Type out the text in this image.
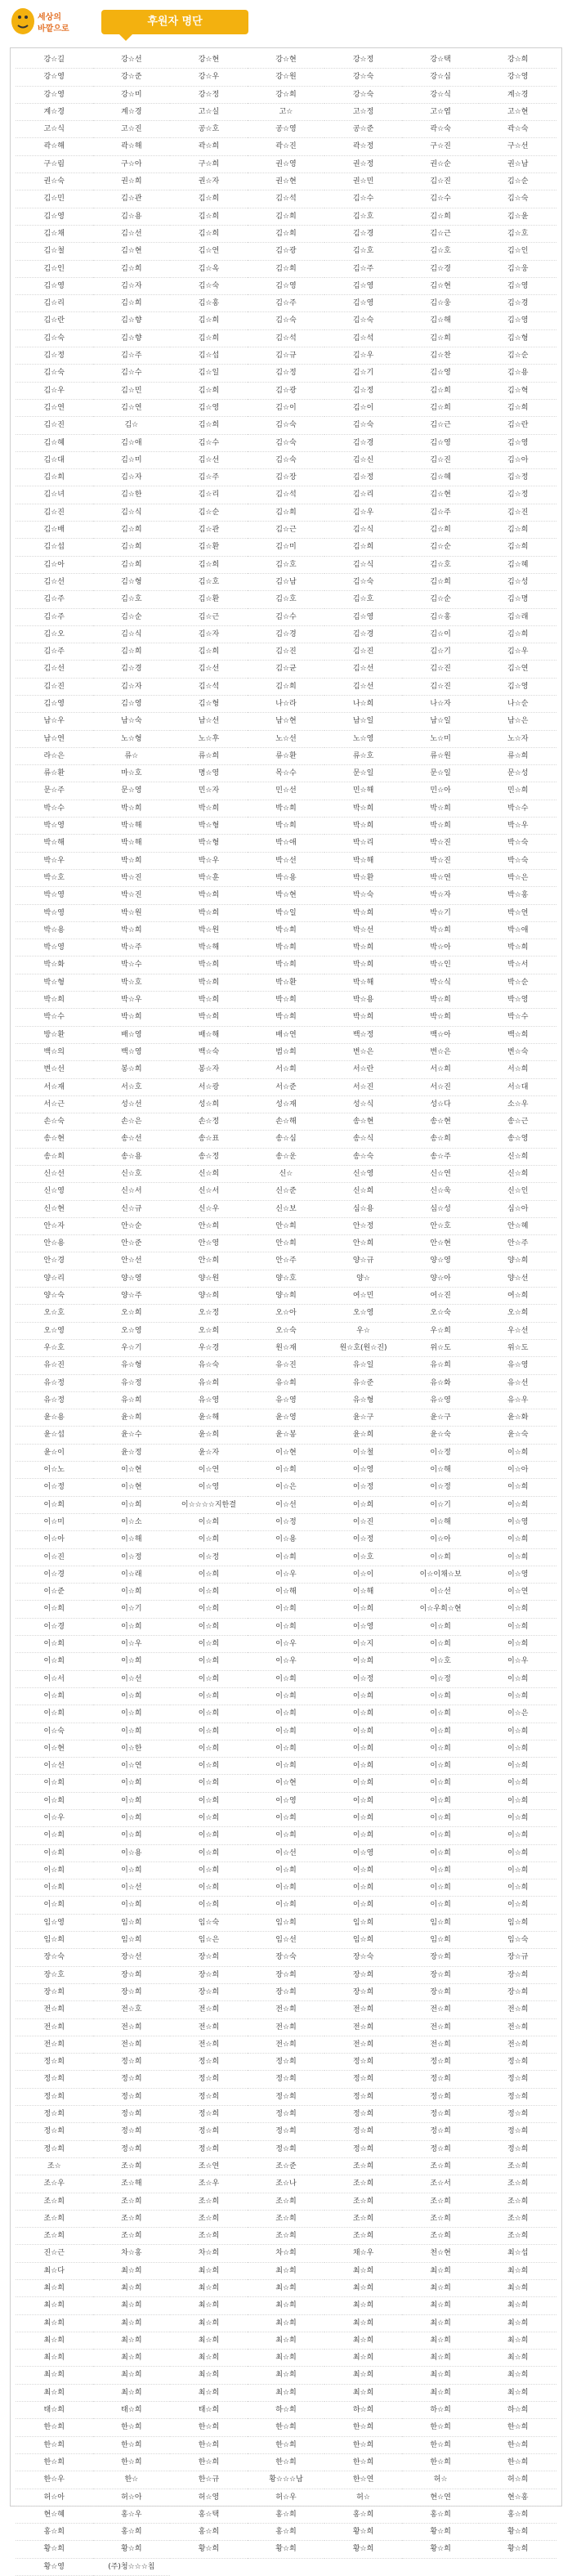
세상의
바깥으로
후원자 명단
강☆길	강☆선	강☆현	강☆현	강☆정	강☆택	강☆희
강☆영	강☆준	강☆우	강☆원	강☆숙	강☆심	강☆영
강☆영	강☆미	강☆정	강☆희	강☆숙	강☆식	계☆경
계☆경	계☆경	고☆실	고☆	고☆정	고☆엽	고☆현
고☆식	고☆진	공☆호	공☆영	공☆준	곽☆숙	곽☆숙
곽☆해	곽☆해	곽☆희	곽☆진	곽☆정	구☆진	구☆선
구☆림	구☆아	구☆희	권☆영	권☆정	권☆순	권☆남
권☆숙	권☆희	권☆자	권☆현	권☆민	김☆진	김☆순
김☆민	김☆관	김☆희	김☆석	김☆수	김☆수	김☆숙
김☆영	김☆용	김☆희	김☆희	김☆호	김☆희	김☆윤
김☆채	김☆선	김☆희	김☆희	김☆경	김☆근	김☆호
김☆철	김☆현	김☆연	김☆광	김☆호	김☆호	김☆인
김☆인	김☆희	김☆옥	김☆희	김☆주	김☆경	김☆웅
김☆영	김☆자	김☆숙	김☆영	김☆영	김☆현	김☆영
김☆리	김☆희	김☆홍	김☆주	김☆영	김☆웅	김☆경
김☆란	김☆향	김☆희	김☆숙	김☆숙	김☆해	김☆영
김☆숙	김☆향	김☆희	김☆석	김☆석	김☆희	김☆형
김☆정	김☆주	김☆섭	김☆규	김☆우	김☆찬	김☆순
김☆숙	김☆수	김☆일	김☆정	김☆기	김☆영	김☆용
김☆우	김☆민	김☆희	김☆광	김☆정	김☆희	김☆혁
김☆연	김☆연	김☆영	김☆이	김☆이	김☆희	김☆희
김☆진	김☆	김☆희	김☆숙	김☆숙	김☆근	김☆란
김☆혜	김☆애	김☆수	김☆숙	김☆경	김☆영	김☆영
김☆대	김☆미	김☆선	김☆숙	김☆신	김☆진	김☆아
김☆희	김☆자	김☆주	김☆장	김☆정	김☆혜	김☆정
김☆녀	김☆한	김☆리	김☆석	김☆리	김☆현	김☆정
김☆진	김☆식	김☆순	김☆희	김☆우	김☆주	김☆진
김☆배	김☆희	김☆관	김☆근	김☆식	김☆희	김☆희
김☆섭	김☆희	김☆환	김☆미	김☆희	김☆순	김☆희
김☆아	김☆희	김☆희	김☆호	김☆식	김☆호	김☆혜
김☆선	김☆형	김☆호	김☆남	김☆숙	김☆희	김☆성
김☆주	김☆호	김☆환	김☆호	김☆호	김☆순	김☆명
김☆주	김☆순	김☆근	김☆수	김☆영	김☆홍	김☆래
김☆오	김☆식	김☆자	김☆경	김☆경	김☆이	김☆희
김☆주	김☆희	김☆희	김☆진	김☆진	김☆기	김☆우
김☆선	김☆경	김☆선	김☆균	김☆선	김☆진	김☆연
김☆진	김☆자	김☆석	김☆희	김☆선	김☆진	김☆영
김☆영	김☆영	김☆형	나☆라	나☆희	나☆자	나☆순
남☆우	남☆숙	남☆선	남☆현	남☆일	남☆일	남☆은
남☆연	노☆형	노☆후	노☆선	노☆영	노☆미	노☆자
라☆은	류☆	류☆희	류☆환	류☆호	류☆원	류☆희
류☆환	마☆호	명☆영	목☆수	문☆일	문☆일	문☆성
문☆주	문☆영	민☆자	민☆선	민☆해	민☆아	민☆희
박☆수	박☆희	박☆희	박☆희	박☆희	박☆희	박☆수
박☆영	박☆해	박☆형	박☆희	박☆희	박☆희	박☆우
박☆해	박☆해	박☆형	박☆애	박☆리	박☆진	박☆숙
박☆우	박☆희	박☆우	박☆선	박☆해	박☆진	박☆숙
박☆호	박☆진	박☆훈	박☆용	박☆환	박☆연	박☆은
박☆영	박☆진	박☆희	박☆현	박☆숙	박☆자	박☆홍
박☆영	박☆원	박☆희	박☆일	박☆희	박☆기	박☆연
박☆용	박☆희	박☆원	박☆희	박☆선	박☆희	박☆애
박☆영	박☆주	박☆해	박☆희	박☆희	박☆아	박☆희
박☆화	박☆수	박☆희	박☆희	박☆희	박☆인	박☆서
박☆형	박☆호	박☆희	박☆환	박☆해	박☆식	박☆순
박☆희	박☆우	박☆희	박☆희	박☆용	박☆희	박☆영
박☆수	박☆희	박☆희	박☆희	박☆희	박☆희	박☆수
방☆환	배☆영	배☆해	배☆연	백☆정	백☆아	백☆희
백☆의	백☆영	백☆숙	범☆희	변☆은	변☆은	변☆숙
변☆선	봉☆희	봉☆자	서☆희	서☆란	서☆희	서☆희
서☆재	서☆호	서☆광	서☆준	서☆진	서☆진	서☆대
서☆근	성☆선	성☆희	성☆재	성☆식	성☆다	소☆우
손☆숙	손☆은	손☆정	손☆해	송☆현	송☆현	송☆근
송☆현	송☆선	송☆표	송☆심	송☆식	송☆희	송☆영
송☆희	송☆용	송☆정	송☆운	송☆숙	송☆주	신☆희
신☆선	신☆호	신☆희	신☆	신☆영	신☆연	신☆희
신☆영	신☆서	신☆서	신☆준	신☆희	신☆욱	신☆인
신☆현	신☆규	신☆우	신☆보	심☆용	심☆성	심☆아
안☆자	안☆순	안☆희	안☆희	안☆정	안☆호	안☆혜
안☆용	안☆준	안☆영	안☆희	안☆희	안☆현	안☆주
안☆경	안☆선	안☆희	안☆주	양☆규	양☆영	양☆희
양☆리	양☆영	양☆원	양☆호	양☆	양☆아	양☆선
양☆숙	양☆주	양☆희	양☆희	여☆민	여☆진	여☆희
오☆호	오☆희	오☆정	오☆아	오☆영	오☆숙	오☆희
오☆영	오☆영	오☆희	오☆숙	우☆	우☆희	우☆선
우☆호	우☆기	우☆경	원☆재	원☆호(원☆진)	위☆도	위☆도
유☆진	유☆형	유☆숙	유☆진	유☆일	유☆희	유☆영
유☆정	유☆정	유☆희	유☆희	유☆준	유☆화	유☆선
유☆정	유☆희	유☆영	유☆영	유☆형	유☆영	유☆우
윤☆용	윤☆희	윤☆해	윤☆영	윤☆구	윤☆구	윤☆화
윤☆섭	윤☆수	윤☆희	윤☆봉	윤☆희	윤☆숙	윤☆숙
윤☆이	윤☆정	윤☆자	이☆현	이☆철	이☆정	이☆희
이☆노	이☆현	이☆연	이☆희	이☆영	이☆해	이☆아
이☆정	이☆현	이☆영	이☆은	이☆정	이☆정	이☆희
이☆희	이☆희	이☆☆☆☆지한결	이☆선	이☆희	이☆기	이☆희
이☆미	이☆소	이☆희	이☆정	이☆진	이☆해	이☆영
이☆아	이☆해	이☆희	이☆용	이☆정	이☆아	이☆희
이☆진	이☆정	이☆정	이☆희	이☆호	이☆희	이☆희
이☆경	이☆래	이☆희	이☆우	이☆이	이☆이채☆보	이☆영
이☆준	이☆희	이☆희	이☆해	이☆해	이☆선	이☆연
이☆희	이☆기	이☆희	이☆희	이☆희	이☆우희☆현	이☆희
이☆경	이☆희	이☆희	이☆희	이☆영	이☆희	이☆희
이☆희	이☆우	이☆희	이☆우	이☆지	이☆희	이☆희
이☆희	이☆희	이☆희	이☆우	이☆희	이☆호	이☆우
이☆서	이☆선	이☆희	이☆희	이☆정	이☆정	이☆희
이☆희	이☆희	이☆희	이☆희	이☆희	이☆희	이☆희
이☆희	이☆희	이☆희	이☆희	이☆희	이☆희	이☆은
이☆숙	이☆희	이☆희	이☆희	이☆희	이☆희	이☆희
이☆현	이☆한	이☆희	이☆희	이☆희	이☆희	이☆희
이☆선	이☆연	이☆희	이☆희	이☆희	이☆희	이☆희
이☆희	이☆희	이☆희	이☆현	이☆희	이☆희	이☆희
이☆희	이☆희	이☆희	이☆영	이☆희	이☆희	이☆희
이☆우	이☆희	이☆희	이☆희	이☆희	이☆희	이☆희
이☆희	이☆희	이☆희	이☆희	이☆희	이☆희	이☆희
이☆희	이☆용	이☆희	이☆선	이☆영	이☆희	이☆희
이☆희	이☆희	이☆희	이☆희	이☆희	이☆희	이☆희
이☆희	이☆선	이☆희	이☆희	이☆희	이☆희	이☆희
이☆희	이☆희	이☆희	이☆희	이☆희	이☆희	이☆희
임☆영	임☆희	임☆숙	임☆희	임☆희	임☆희	임☆희
임☆희	임☆희	임☆은	임☆선	임☆희	임☆희	임☆숙
장☆숙	장☆선	장☆희	장☆숙	장☆숙	장☆희	장☆규
장☆호	장☆희	장☆희	장☆희	장☆희	장☆희	장☆희
장☆희	장☆희	장☆희	장☆희	장☆희	장☆희	장☆희
전☆희	전☆호	전☆희	전☆희	전☆희	전☆희	전☆희
전☆희	전☆희	전☆희	전☆희	전☆희	전☆희	전☆희
전☆희	전☆희	전☆희	전☆희	전☆희	전☆희	전☆희
정☆희	정☆희	정☆희	정☆희	정☆희	정☆희	정☆희
정☆희	정☆희	정☆희	정☆희	정☆희	정☆희	정☆희
정☆희	정☆희	정☆희	정☆희	정☆희	정☆희	정☆희
정☆희	정☆희	정☆희	정☆희	정☆희	정☆희	정☆희
정☆희	정☆희	정☆희	정☆희	정☆희	정☆희	정☆희
정☆희	정☆희	정☆희	정☆희	정☆희	정☆희	정☆희
조☆	조☆희	조☆연	조☆준	조☆희	조☆희	조☆희
조☆우	조☆해	조☆우	조☆나	조☆희	조☆서	조☆희
조☆희	조☆희	조☆희	조☆희	조☆희	조☆희	조☆희
조☆희	조☆희	조☆희	조☆희	조☆희	조☆희	조☆희
조☆희	조☆희	조☆희	조☆희	조☆희	조☆희	조☆희
진☆근	차☆홍	차☆희	차☆희	채☆우	천☆현	최☆섭
최☆다	최☆희	최☆희	최☆희	최☆희	최☆희	최☆희
최☆희	최☆희	최☆희	최☆희	최☆희	최☆희	최☆희
최☆희	최☆희	최☆희	최☆희	최☆희	최☆희	최☆희
최☆희	최☆희	최☆희	최☆희	최☆희	최☆희	최☆희
최☆희	최☆희	최☆희	최☆희	최☆희	최☆희	최☆희
최☆희	최☆희	최☆희	최☆희	최☆희	최☆희	최☆희
최☆희	최☆희	최☆희	최☆희	최☆희	최☆희	최☆희
최☆희	최☆희	최☆희	최☆희	최☆희	최☆희	최☆희
태☆희	태☆희	태☆희	하☆희	하☆희	하☆희	하☆희
한☆희	한☆희	한☆희	한☆희	한☆희	한☆희	한☆희
한☆희	한☆희	한☆희	한☆희	한☆희	한☆희	한☆희
한☆희	한☆희	한☆희	한☆희	한☆희	한☆희	한☆희
한☆우	한☆	한☆규	황☆☆☆남	한☆연	허☆	허☆희
허☆아	허☆아	허☆영	허☆우	허☆	현☆연	현☆홍
현☆혜	홍☆우	홍☆택	홍☆희	홍☆희	홍☆희	홍☆희
홍☆희	홍☆희	홍☆희	홍☆희	황☆희	황☆희	황☆희
황☆희	황☆희	황☆희	황☆희	황☆희	황☆희	황☆희
황☆영	(주)청☆☆☆칩
